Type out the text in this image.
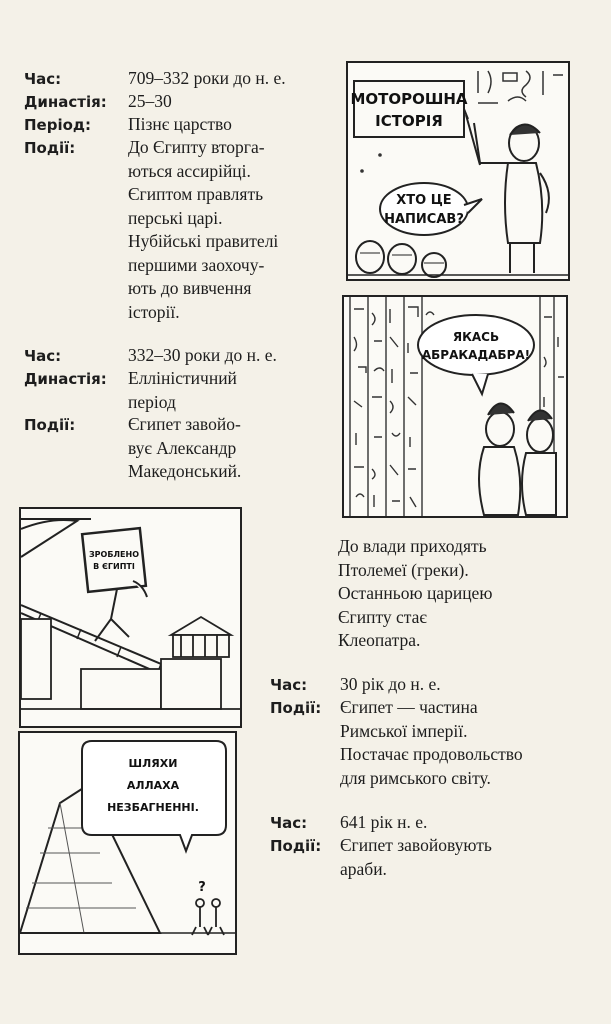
Час:	709–332 роки до н. е.
Династія: 25–30
Період: Пізнє царство
Події:	До Єгипту вторга-
ються ассирійці.
Єгиптом правлять
перські царі.
Нубійські правителі
першими заохочу-
ють до вивчення
історії.
Час:	332–30 роки до н. е.
Династія: Елліністичний
період
Події:	Єгипет завойо-
вує Александр
Македонський.
До влади приходять
Птолемеї (греки).
Останньою царицею
Єгипту стає
Клеопатра.
Час: 30 рік до н. е.
Події: Єгипет — частина
Римської імперії.
Постачає продовольство
для римського світу.
Час: 641 рік н. е.
Події: Єгипет завойовують
араби.
МОТОРОШНА
ІСТОРІЯ
ХТО ЦЕ
НАПИСАВ?
ЯКАСЬ
АБРАКАДАБРА!
ЗРОБЛЕНО
В ЄГИПТІ
ШЛЯХИ
АЛЛАХА
НЕЗБАГНЕННІ.
?
